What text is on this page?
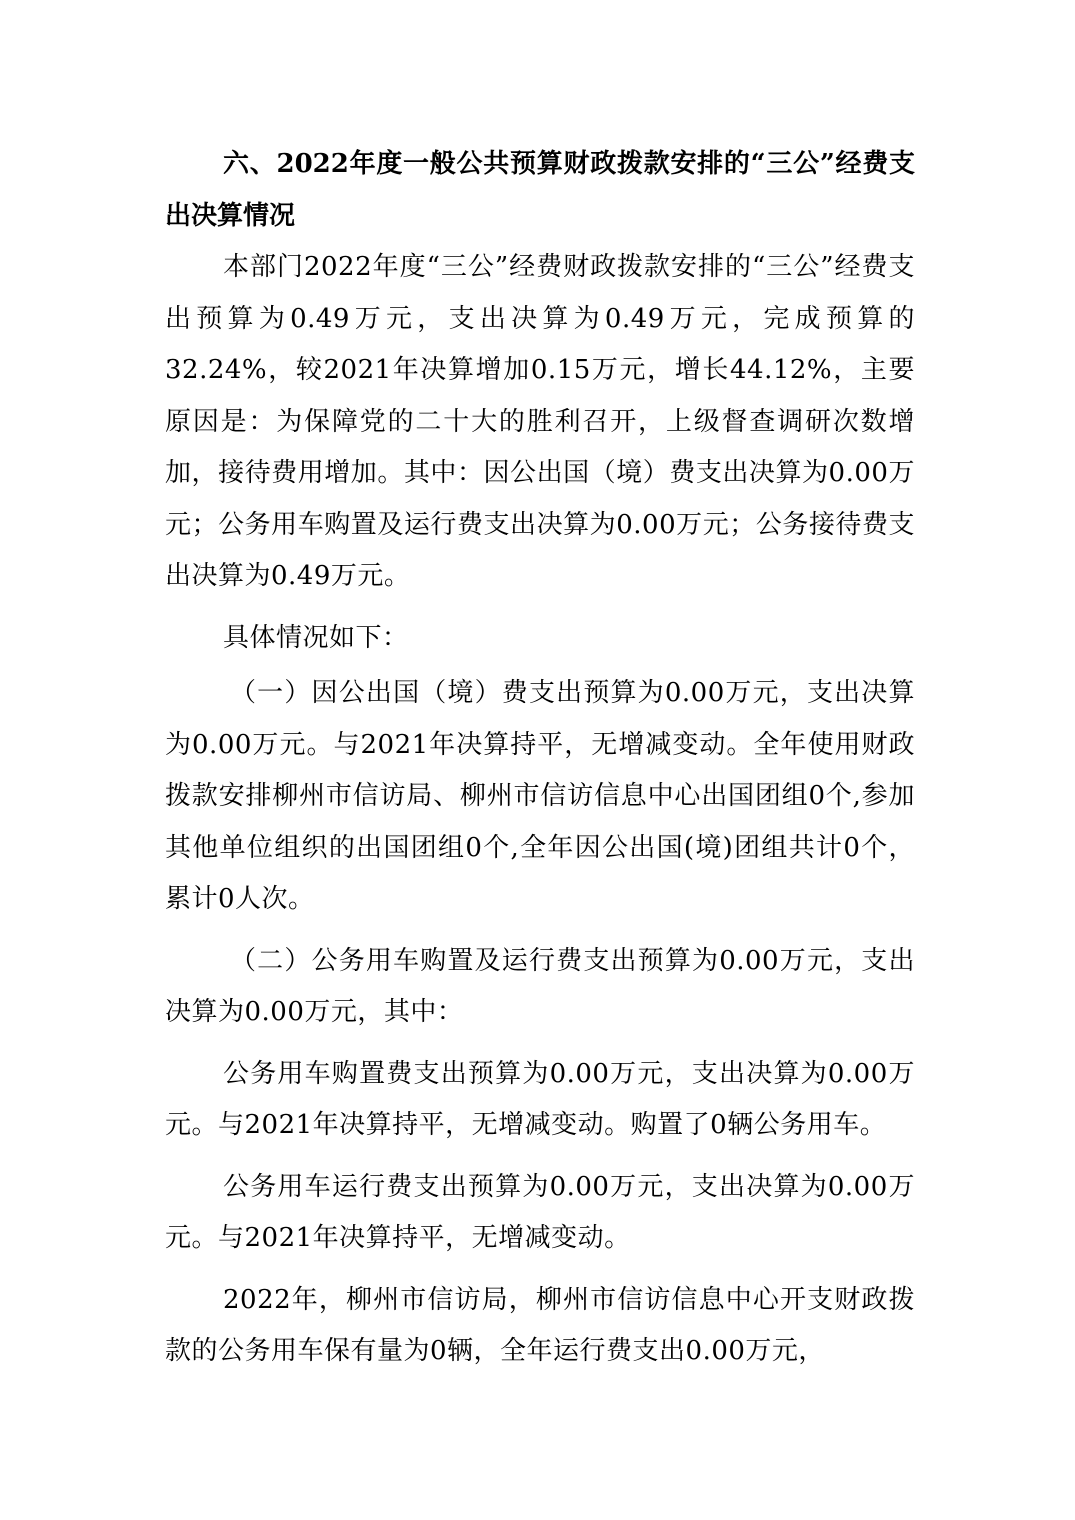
六、2022年度一般公共预算财政拨款安排的“三公”经费支出决算情况

本部门2022年度“三公”经费财政拨款安排的“三公”经费支出预算为0.49万元，支出决算为0.49万元，完成预算的32.24%，较2021年决算增加0.15万元，增长44.12%，主要原因是：为保障党的二十大的胜利召开，上级督查调研次数增加，接待费用增加。其中：因公出国（境）费支出决算为0.00万元；公务用车购置及运行费支出决算为0.00万元；公务接待费支出决算为0.49万元。

具体情况如下：

（一）因公出国（境）费支出预算为0.00万元，支出决算为0.00万元。与2021年决算持平，无增减变动。全年使用财政拨款安排柳州市信访局、柳州市信访信息中心出国团组0个,参加其他单位组织的出国团组0个,全年因公出国(境)团组共计0个，累计0人次。

（二）公务用车购置及运行费支出预算为0.00万元，支出决算为0.00万元，其中：

公务用车购置费支出预算为0.00万元，支出决算为0.00万元。与2021年决算持平，无增减变动。购置了0辆公务用车。

公务用车运行费支出预算为0.00万元，支出决算为0.00万元。与2021年决算持平，无增减变动。

2022年，柳州市信访局，柳州市信访信息中心开支财政拨款的公务用车保有量为0辆，全年运行费支出0.00万元，
